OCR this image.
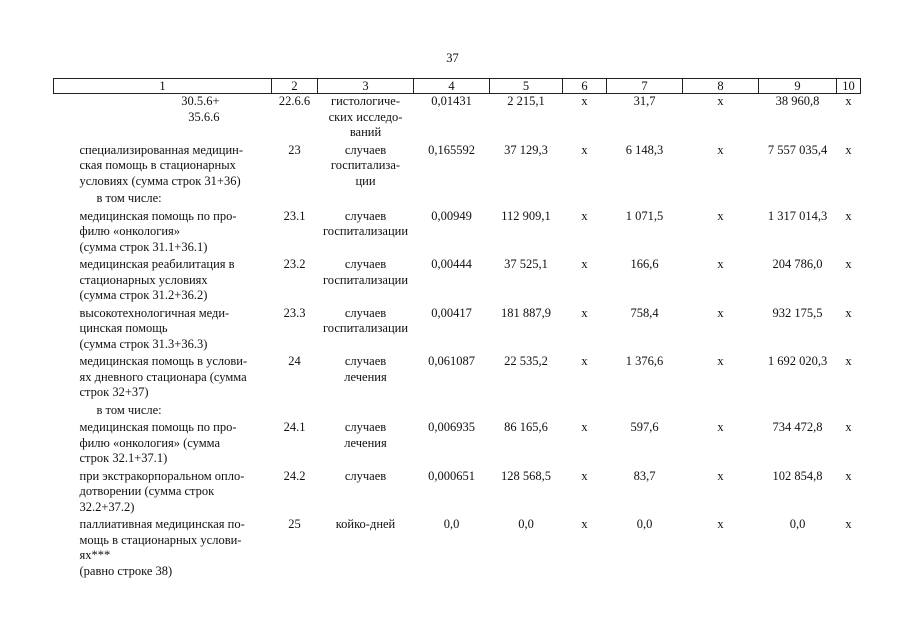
37
1	2	3	4	5	6	7	8	9	10
30.5.6+
35.6.6	22.6.6	гистологиче-
ских исследо-
ваний	0,01431	2 215,1	x	31,7	x	38 960,8	x
специализированная медицин-
ская помощь в стационарных
условиях (сумма строк 31+36)	23	случаев
госпитализа-
ции	0,165592	37 129,3	x	6 148,3	x	7 557 035,4	x
в том числе:									
медицинская помощь по про-
филю «онкология»
(сумма строк 31.1+36.1)	23.1	случаев
госпитализации	0,00949	112 909,1	x	1 071,5	x	1 317 014,3	x
медицинская реабилитация в
стационарных условиях
(сумма строк 31.2+36.2)	23.2	случаев
госпитализации	0,00444	37 525,1	x	166,6	x	204 786,0	x
высокотехнологичная меди-
цинская помощь
(сумма строк 31.3+36.3)	23.3	случаев
госпитализации	0,00417	181 887,9	x	758,4	x	932 175,5	x
медицинская помощь в услови-
ях дневного стационара (сумма
строк 32+37)	24	случаев
лечения	0,061087	22 535,2	x	1 376,6	x	1 692 020,3	x
в том числе:									
медицинская помощь по про-
филю «онкология» (сумма
строк 32.1+37.1)	24.1	случаев
лечения	0,006935	86 165,6	x	597,6	x	734 472,8	x
при экстракорпоральном опло-
дотворении (сумма строк
32.2+37.2)	24.2	случаев	0,000651	128 568,5	x	83,7	x	102 854,8	x
паллиативная медицинская по-
мощь в стационарных услови-
ях***
(равно строке 38)	25	койко-дней	0,0	0,0	x	0,0	x	0,0	x
